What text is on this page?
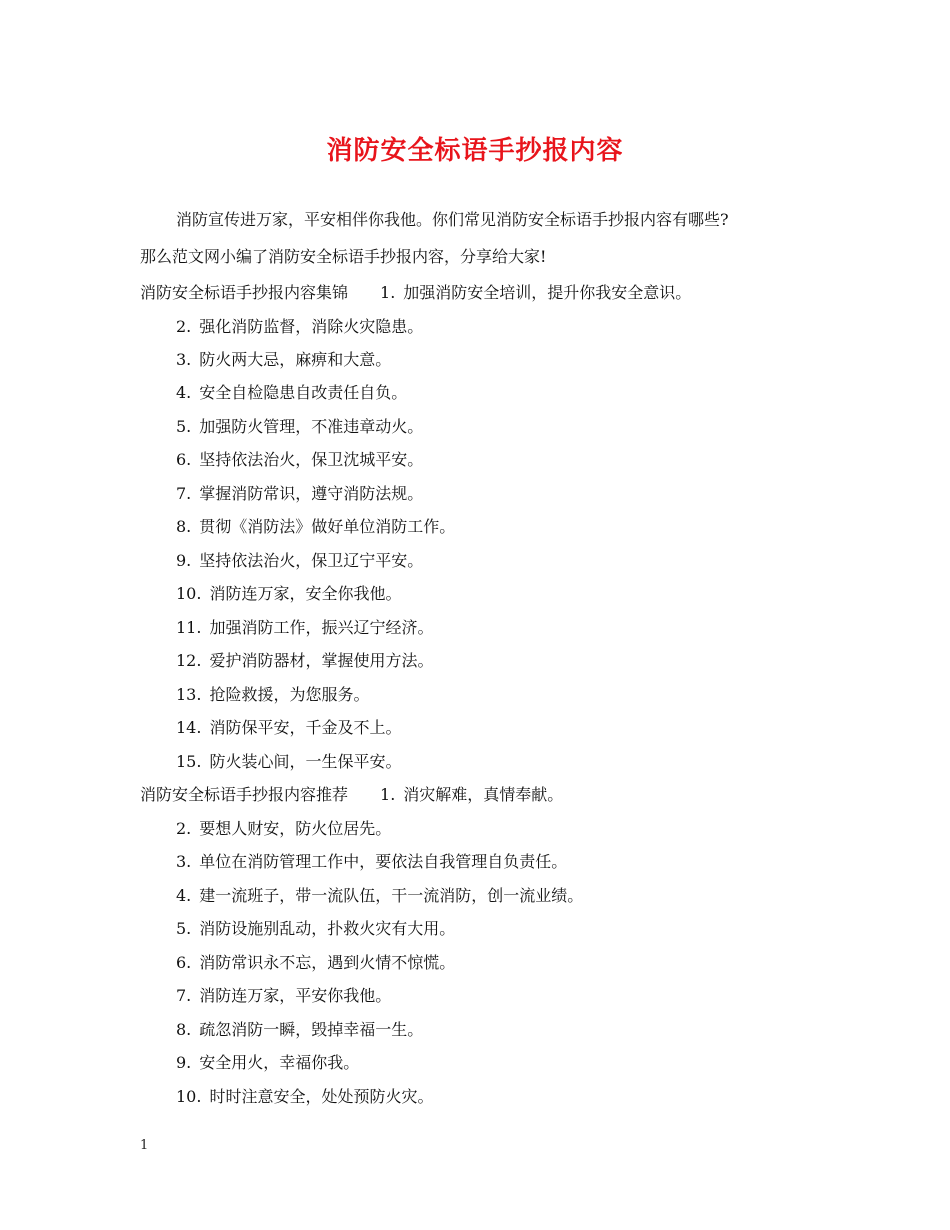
消防安全标语手抄报内容
消防宣传进万家，平安相伴你我他。你们常见消防安全标语手抄报内容有哪些?
那么范文网小编了消防安全标语手抄报内容，分享给大家!
消防安全标语手抄报内容集锦 1. 加强消防安全培训，提升你我安全意识。
2. 强化消防监督，消除火灾隐患。
3. 防火两大忌，麻痹和大意。
4. 安全自检隐患自改责任自负。
5. 加强防火管理，不准违章动火。
6. 坚持依法治火，保卫沈城平安。
7. 掌握消防常识，遵守消防法规。
8. 贯彻《消防法》做好单位消防工作。
9. 坚持依法治火，保卫辽宁平安。
10. 消防连万家，安全你我他。
11. 加强消防工作，振兴辽宁经济。
12. 爱护消防器材，掌握使用方法。
13. 抢险救援，为您服务。
14. 消防保平安，千金及不上。
15. 防火装心间，一生保平安。
消防安全标语手抄报内容推荐 1. 消灾解难，真情奉献。
2. 要想人财安，防火位居先。
3. 单位在消防管理工作中，要依法自我管理自负责任。
4. 建一流班子，带一流队伍，干一流消防，创一流业绩。
5. 消防设施别乱动，扑救火灾有大用。
6. 消防常识永不忘，遇到火情不惊慌。
7. 消防连万家，平安你我他。
8. 疏忽消防一瞬，毁掉幸福一生。
9. 安全用火，幸福你我。
10. 时时注意安全，处处预防火灾。
1
